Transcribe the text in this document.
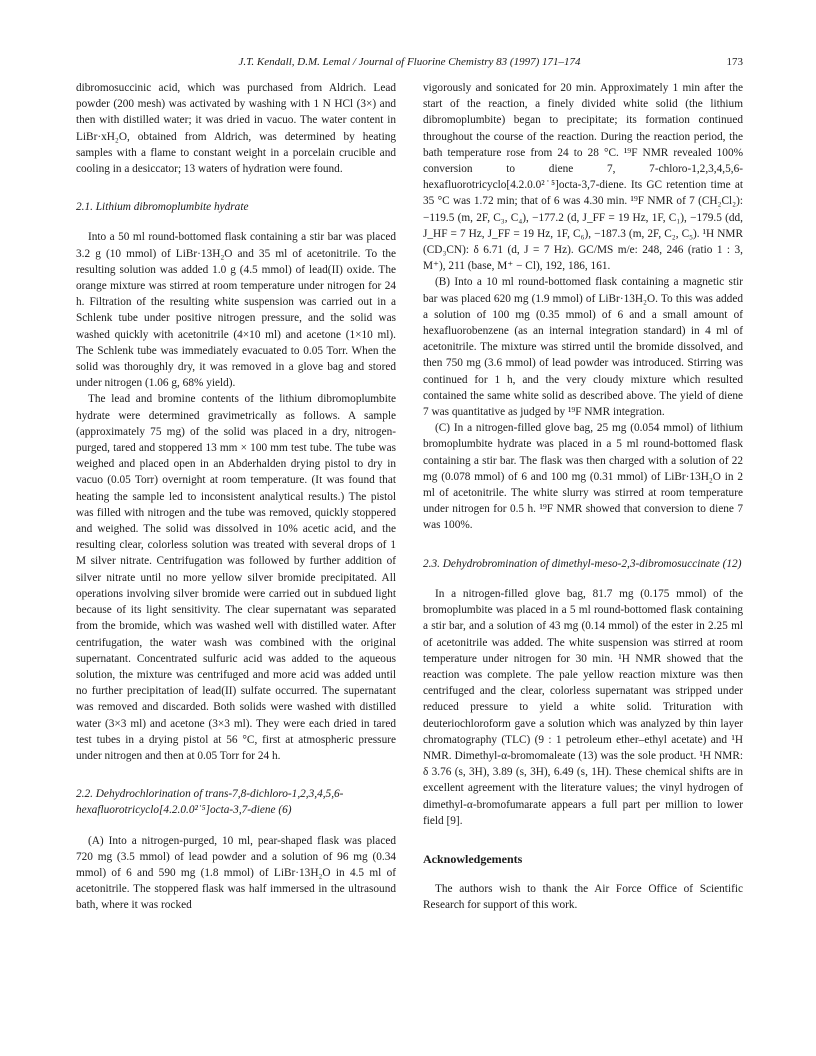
J.T. Kendall, D.M. Lemal / Journal of Fluorine Chemistry 83 (1997) 171–174	173

dibromosuccinic acid, which was purchased from Aldrich. Lead powder (200 mesh) was activated by washing with 1 N HCl (3×) and then with distilled water; it was dried in vacuo. The water content in LiBr·xH₂O, obtained from Aldrich, was determined by heating samples with a flame to constant weight in a porcelain crucible and cooling in a desiccator; 13 waters of hydration were found.

2.1. Lithium dibromoplumbite hydrate

Into a 50 ml round-bottomed flask containing a stir bar was placed 3.2 g (10 mmol) of LiBr·13H₂O and 35 ml of acetonitrile. To the resulting solution was added 1.0 g (4.5 mmol) of lead(II) oxide. The orange mixture was stirred at room temperature under nitrogen for 24 h. Filtration of the resulting white suspension was carried out in a Schlenk tube under positive nitrogen pressure, and the solid was washed quickly with acetonitrile (4×10 ml) and acetone (1×10 ml). The Schlenk tube was immediately evacuated to 0.05 Torr. When the solid was thoroughly dry, it was removed in a glove bag and stored under nitrogen (1.06 g, 68% yield).

The lead and bromine contents of the lithium dibromoplumbite hydrate were determined gravimetrically as follows. A sample (approximately 75 mg) of the solid was placed in a dry, nitrogen-purged, tared and stoppered 13 mm × 100 mm test tube. The tube was weighed and placed open in an Abderhalden drying pistol to dry in vacuo (0.05 Torr) overnight at room temperature. (It was found that heating the sample led to inconsistent analytical results.) The pistol was filled with nitrogen and the tube was removed, quickly stoppered and weighed. The solid was dissolved in 10% acetic acid, and the resulting clear, colorless solution was treated with several drops of 1 M silver nitrate. Centrifugation was followed by further addition of silver nitrate until no more yellow silver bromide precipitated. All operations involving silver bromide were carried out in subdued light because of its light sensitivity. The clear supernatant was separated from the bromide, which was washed well with distilled water. After centrifugation, the water wash was combined with the original supernatant. Concentrated sulfuric acid was added to the aqueous solution, the mixture was centrifuged and more acid was added until no further precipitation of lead(II) sulfate occurred. The supernatant was removed and discarded. Both solids were washed with distilled water (3×3 ml) and acetone (3×3 ml). They were each dried in tared test tubes in a drying pistol at 56 °C, first at atmospheric pressure under nitrogen and then at 0.05 Torr for 24 h.

2.2. Dehydrochlorination of trans-7,8-dichloro-1,2,3,4,5,6-hexafluorotricyclo[4.2.0.0²˙⁵]octa-3,7-diene (6)

(A) Into a nitrogen-purged, 10 ml, pear-shaped flask was placed 720 mg (3.5 mmol) of lead powder and a solution of 96 mg (0.34 mmol) of 6 and 590 mg (1.8 mmol) of LiBr·13H₂O in 4.5 ml of acetonitrile. The stoppered flask was half immersed in the ultrasound bath, where it was rocked

vigorously and sonicated for 20 min. Approximately 1 min after the start of the reaction, a finely divided white solid (the lithium dibromoplumbite) began to precipitate; its formation continued throughout the course of the reaction. During the reaction period, the bath temperature rose from 24 to 28 °C. ¹⁹F NMR revealed 100% conversion to diene 7, 7-chloro-1,2,3,4,5,6-hexafluorotricyclo[4.2.0.0²˙⁵]octa-3,7-diene. Its GC retention time at 35 °C was 1.72 min; that of 6 was 4.30 min. ¹⁹F NMR of 7 (CH₂Cl₂): −119.5 (m, 2F, C₃, C₄), −177.2 (d, J_FF = 19 Hz, 1F, C₁), −179.5 (dd, J_HF = 7 Hz, J_FF = 19 Hz, 1F, C₆), −187.3 (m, 2F, C₂, C₅). ¹H NMR (CD₃CN): δ 6.71 (d, J = 7 Hz). GC/MS m/e: 248, 246 (ratio 1 : 3, M⁺), 211 (base, M⁺ − Cl), 192, 186, 161.

(B) Into a 10 ml round-bottomed flask containing a magnetic stir bar was placed 620 mg (1.9 mmol) of LiBr·13H₂O. To this was added a solution of 100 mg (0.35 mmol) of 6 and a small amount of hexafluorobenzene (as an internal integration standard) in 4 ml of acetonitrile. The mixture was stirred until the bromide dissolved, and then 750 mg (3.6 mmol) of lead powder was introduced. Stirring was continued for 1 h, and the very cloudy mixture which resulted contained the same white solid as described above. The yield of diene 7 was quantitative as judged by ¹⁹F NMR integration.

(C) In a nitrogen-filled glove bag, 25 mg (0.054 mmol) of lithium bromoplumbite hydrate was placed in a 5 ml round-bottomed flask containing a stir bar. The flask was then charged with a solution of 22 mg (0.078 mmol) of 6 and 100 mg (0.31 mmol) of LiBr·13H₂O in 2 ml of acetonitrile. The white slurry was stirred at room temperature under nitrogen for 0.5 h. ¹⁹F NMR showed that conversion to diene 7 was 100%.

2.3. Dehydrobromination of dimethyl-meso-2,3-dibromosuccinate (12)

In a nitrogen-filled glove bag, 81.7 mg (0.175 mmol) of the bromoplumbite was placed in a 5 ml round-bottomed flask containing a stir bar, and a solution of 43 mg (0.14 mmol) of the ester in 2.25 ml of acetonitrile was added. The white suspension was stirred at room temperature under nitrogen for 30 min. ¹H NMR showed that the reaction was complete. The pale yellow reaction mixture was then centrifuged and the clear, colorless supernatant was stripped under reduced pressure to yield a white solid. Trituration with deuteriochloroform gave a solution which was analyzed by thin layer chromatography (TLC) (9 : 1 petroleum ether–ethyl acetate) and ¹H NMR. Dimethyl-α-bromomaleate (13) was the sole product. ¹H NMR: δ 3.76 (s, 3H), 3.89 (s, 3H), 6.49 (s, 1H). These chemical shifts are in excellent agreement with the literature values; the vinyl hydrogen of dimethyl-α-bromofumarate appears a full part per million to lower field [9].

Acknowledgements

The authors wish to thank the Air Force Office of Scientific Research for support of this work.
